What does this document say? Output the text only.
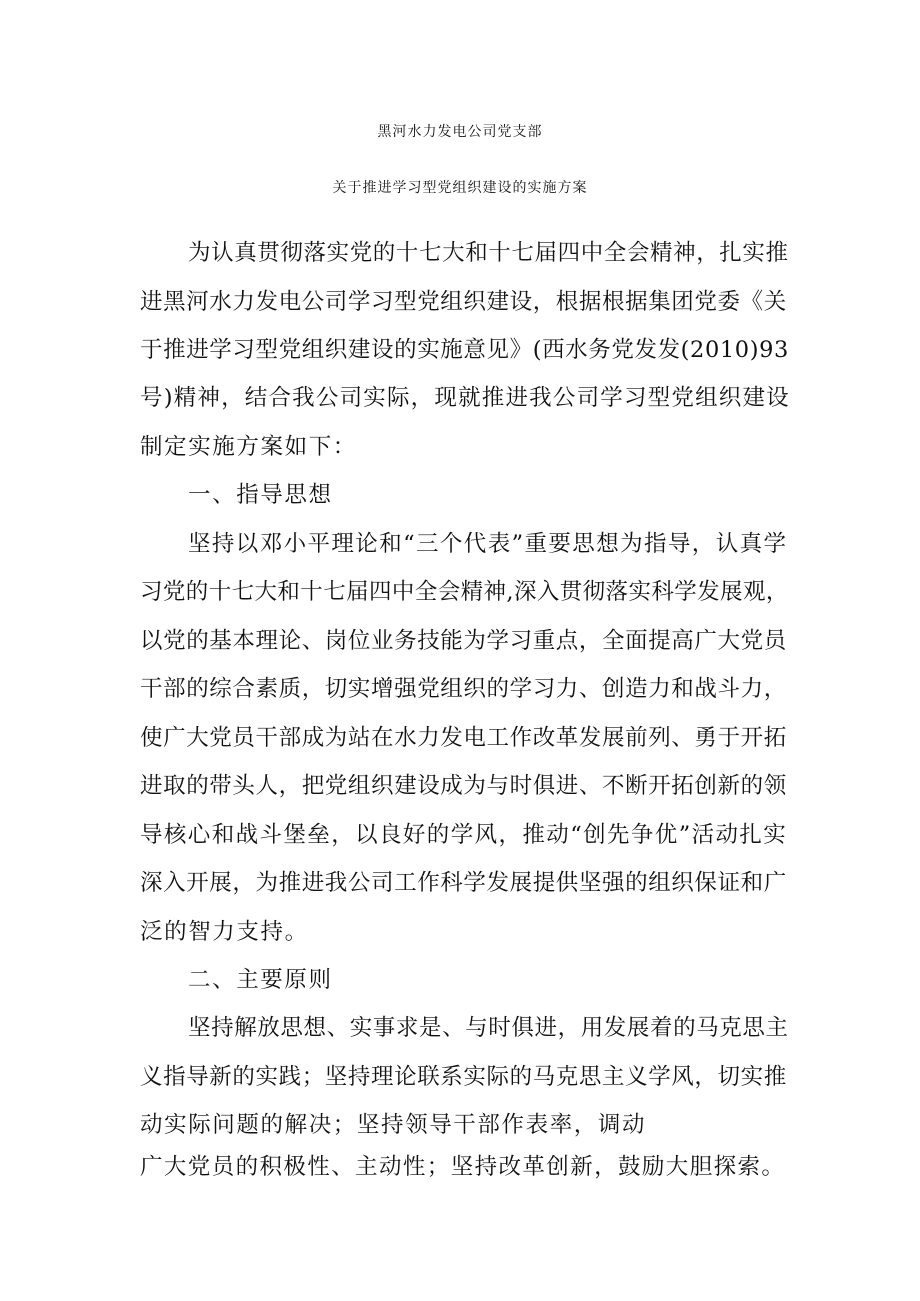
黑河水力发电公司党支部
关于推进学习型党组织建设的实施方案
为认真贯彻落实党的十七大和十七届四中全会精神，扎实推
进黑河水力发电公司学习型党组织建设，根据根据集团党委《关
于推进学习型党组织建设的实施意见》(西水务党发发(2010)93
号)精神，结合我公司实际，现就推进我公司学习型党组织建设
制定实施方案如下：
一、指导思想
坚持以邓小平理论和“三个代表”重要思想为指导，认真学
习党的十七大和十七届四中全会精神,深入贯彻落实科学发展观，
以党的基本理论、岗位业务技能为学习重点，全面提高广大党员
干部的综合素质，切实增强党组织的学习力、创造力和战斗力，
使广大党员干部成为站在水力发电工作改革发展前列、勇于开拓
进取的带头人，把党组织建设成为与时俱进、不断开拓创新的领
导核心和战斗堡垒，以良好的学风，推动“创先争优”活动扎实
深入开展，为推进我公司工作科学发展提供坚强的组织保证和广
泛的智力支持。
二、主要原则
坚持解放思想、实事求是、与时俱进，用发展着的马克思主
义指导新的实践；坚持理论联系实际的马克思主义学风，切实推
动实际问题的解决；坚持领导干部作表率，调动
广大党员的积极性、主动性；坚持改革创新，鼓励大胆探索。
